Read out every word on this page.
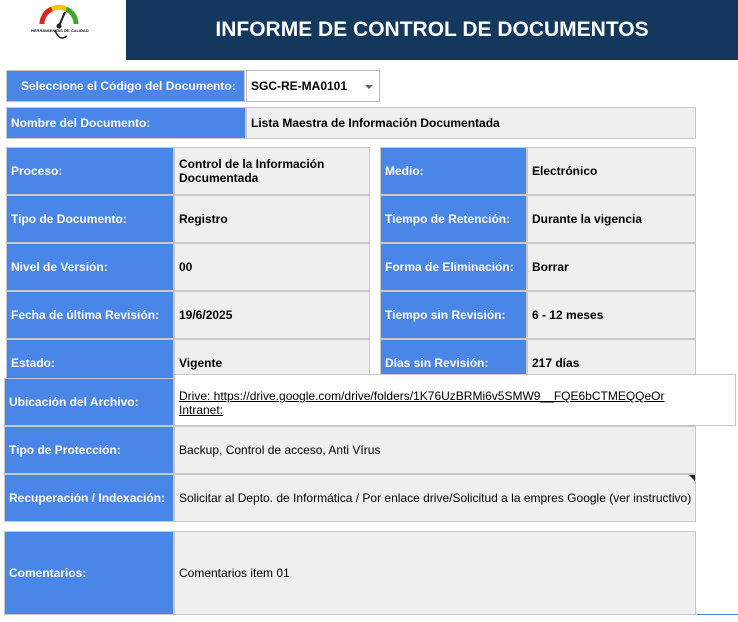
HERRAMIENTAS DE CALIDAD	INFORME DE CONTROL DE DOCUMENTOS
Seleccione el Código del Documento:	SGC-RE-MA0101
Nombre del Documento:	Lista Maestra de Información Documentada
Proceso:	Control de la Información Documentada
Tipo de Documento:	Registro
Nivel de Versión:	00
Fecha de última Revisión:	19/6/2025
Estado:	Vigente
Medio:	Electrónico
Tiempo de Retención:	Durante la vigencia
Forma de Eliminación:	Borrar
Tiempo sin Revisión:	6 - 12 meses
Días sin Revisión:	217 días
Ubicación del Archivo:	Drive: https://drive.google.com/drive/folders/1K76UzBRMi6v5SMW9__FQE6bCTMEQQeOr
Intranet:
Tipo de Protección:	Backup, Control de acceso, Anti Vírus
Recuperación / Indexación:	Solicitar al Depto. de Informática / Por enlace drive/Solicitud a la empres Google (ver instructivo)
Comentarios:	Comentarios item 01
